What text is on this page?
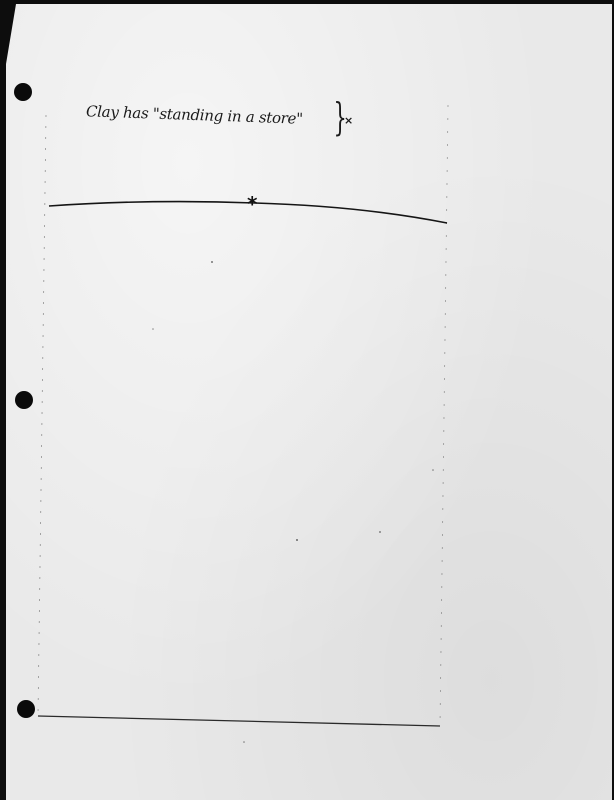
Clay has "standing in a store" }
×
*
